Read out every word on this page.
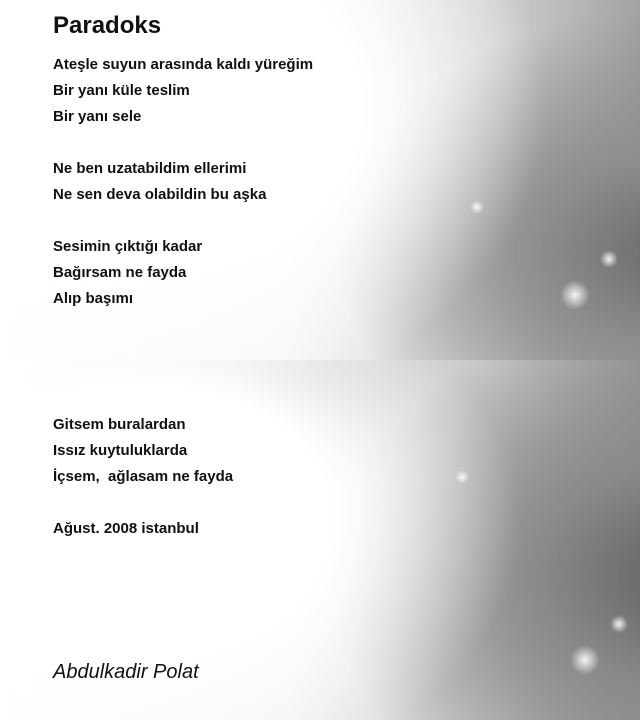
Paradoks
Ateşle suyun arasında kaldı yüreğim
Bir yanı küle teslim
Bir yanı sele
Ne ben uzatabildim ellerimi
Ne sen deva olabildin bu aşka
Sesimin çıktığı kadar
Bağırsam ne fayda
Alıp başımı
Gitsem buralardan
Issız kuytuluklarda
İçsem,  ağlasam ne fayda
Ağust. 2008 istanbul
Abdulkadir Polat
